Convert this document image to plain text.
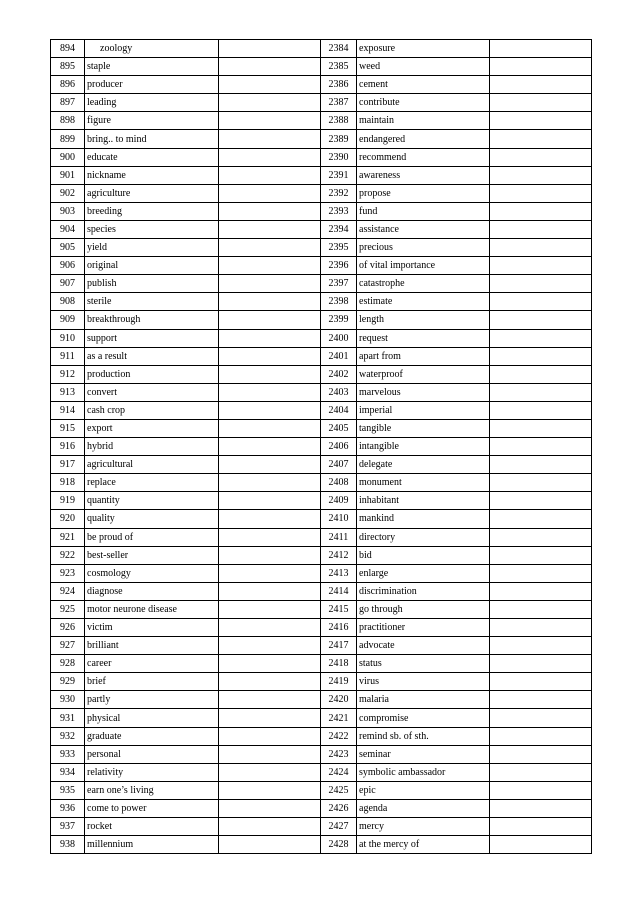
894	zoology		2384	exposure	
895	staple		2385	weed	
896	producer		2386	cement	
897	leading		2387	contribute	
898	figure		2388	maintain	
899	bring.. to mind		2389	endangered	
900	educate		2390	recommend	
901	nickname		2391	awareness	
902	agriculture		2392	propose	
903	breeding		2393	fund	
904	species		2394	assistance	
905	yield		2395	precious	
906	original		2396	of vital importance	
907	publish		2397	catastrophe	
908	sterile		2398	estimate	
909	breakthrough		2399	length	
910	support		2400	request	
911	as a result		2401	apart from	
912	production		2402	waterproof	
913	convert		2403	marvelous	
914	cash crop		2404	imperial	
915	export		2405	tangible	
916	hybrid		2406	intangible	
917	agricultural		2407	delegate	
918	replace		2408	monument	
919	quantity		2409	inhabitant	
920	quality		2410	mankind	
921	be proud of		2411	directory	
922	best-seller		2412	bid	
923	cosmology		2413	enlarge	
924	diagnose		2414	discrimination	
925	motor neurone disease		2415	go through	
926	victim		2416	practitioner	
927	brilliant		2417	advocate	
928	career		2418	status	
929	brief		2419	virus	
930	partly		2420	malaria	
931	physical		2421	compromise	
932	graduate		2422	remind sb. of sth.	
933	personal		2423	seminar	
934	relativity		2424	symbolic ambassador	
935	earn one’s living		2425	epic	
936	come to power		2426	agenda	
937	rocket		2427	mercy	
938	millennium		2428	at the mercy of	
